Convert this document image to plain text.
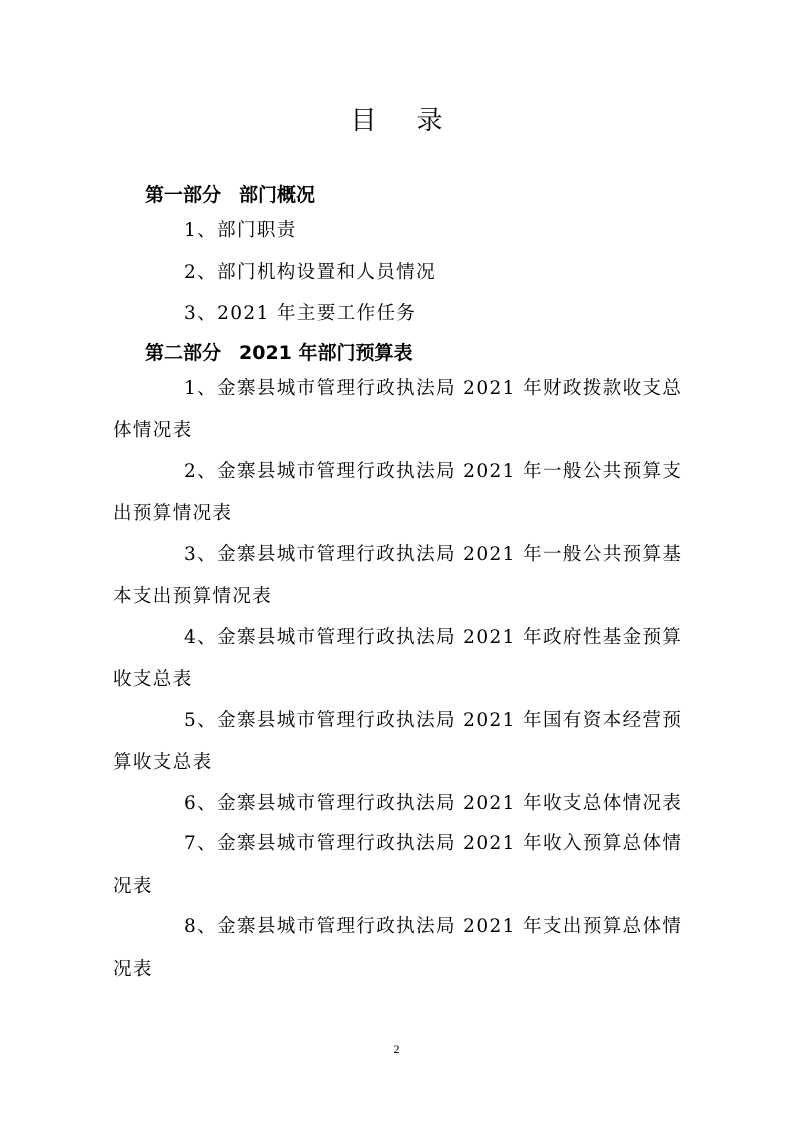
目录
第一部分 部门概况
1、部门职责
2、部门机构设置和人员情况
3、2021 年主要工作任务
第二部分 2021 年部门预算表
1、金寨县城市管理行政执法局 2021 年财政拨款收支总
体情况表
2、金寨县城市管理行政执法局 2021 年一般公共预算支
出预算情况表
3、金寨县城市管理行政执法局 2021 年一般公共预算基
本支出预算情况表
4、金寨县城市管理行政执法局 2021 年政府性基金预算
收支总表
5、金寨县城市管理行政执法局 2021 年国有资本经营预
算收支总表
6、金寨县城市管理行政执法局 2021 年收支总体情况表
7、金寨县城市管理行政执法局 2021 年收入预算总体情
况表
8、金寨县城市管理行政执法局 2021 年支出预算总体情
况表
2
